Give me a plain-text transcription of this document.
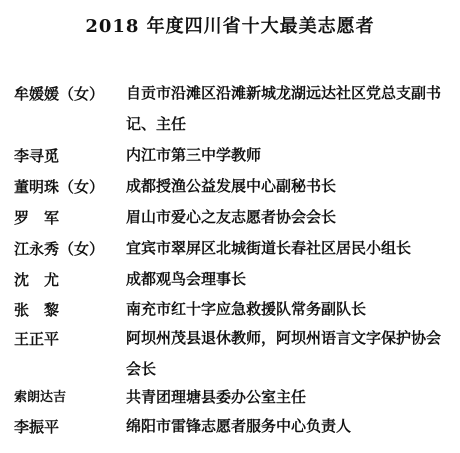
2018 年度四川省十大最美志愿者
牟媛媛（女） 自贡市沿滩区沿滩新城龙湖远达社区党总支副书记、主任
李寻觅	内江市第三中学教师
董明珠（女） 成都授渔公益发展中心副秘书长
罗　军	眉山市爱心之友志愿者协会会长
江永秀（女） 宜宾市翠屏区北城街道长春社区居民小组长
沈　尤	成都观鸟会理事长
张　黎	南充市红十字应急救援队常务副队长
王正平	阿坝州茂县退休教师，阿坝州语言文字保护协会会长
索朗达吉	共青团理塘县委办公室主任
李振平	绵阳市雷锋志愿者服务中心负责人
